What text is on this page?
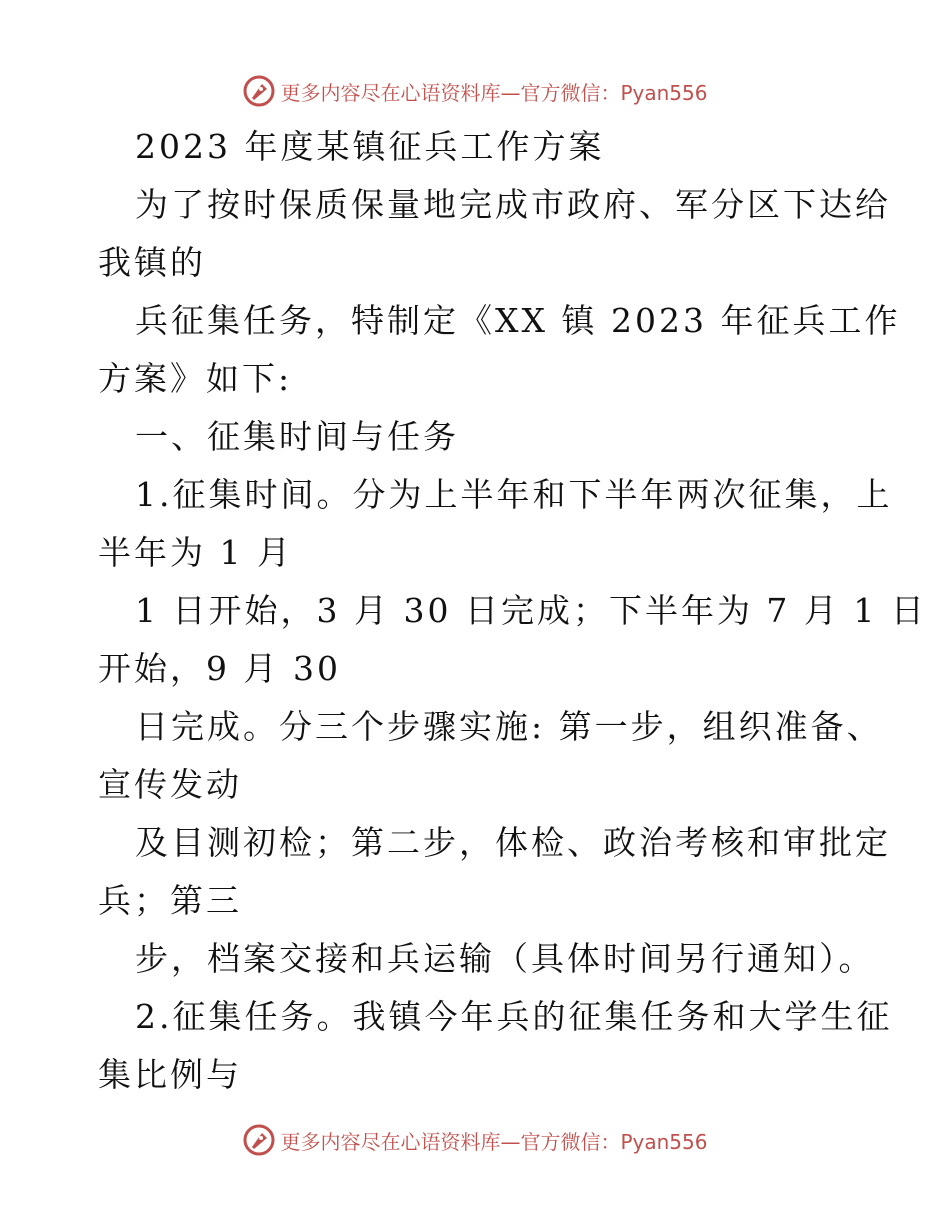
更多内容尽在心语资料库—官方微信：Pyan556
2023 年度某镇征兵工作方案
为了按时保质保量地完成市政府、军分区下达给
我镇的
兵征集任务，特制定《XX 镇 2023 年征兵工作
方案》如下:
一、征集时间与任务
1.征集时间。分为上半年和下半年两次征集，上
半年为 1 月
1 日开始，3 月 30 日完成；下半年为 7 月 1 日
开始，9 月 30
日完成。分三个步骤实施: 第一步，组织准备、
宣传发动
及目测初检；第二步，体检、政治考核和审批定
兵；第三
步，档案交接和兵运输（具体时间另行通知）。
2.征集任务。我镇今年兵的征集任务和大学生征
集比例与
更多内容尽在心语资料库—官方微信：Pyan556
